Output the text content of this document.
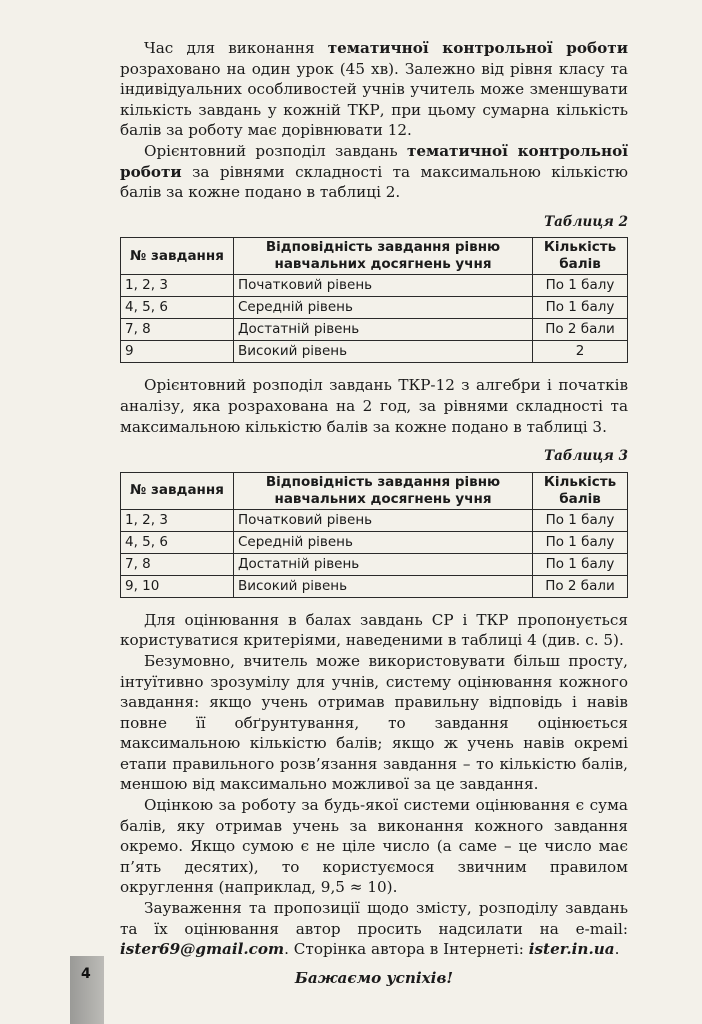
Час для виконання тематичної контрольної роботи розраховано на один урок (45 хв). Залежно від рівня класу та індивідуальних особливостей учнів учитель може зменшувати кількість завдань у кожній ТКР, при цьому сумарна кількість балів за роботу має дорівнювати 12.

Орієнтовний розподіл завдань тематичної контрольної роботи за рівнями складності та максимальною кількістю балів за кожне подано в таблиці 2.

Таблиця 2
№ завдання	Відповідність завдання рівню навчальних досягнень учня	Кількість балів
1, 2, 3	Початковий рівень	По 1 балу
4, 5, 6	Середній рівень	По 1 балу
7, 8	Достатній рівень	По 2 бали
9	Високий рівень	2

Орієнтовний розподіл завдань ТКР-12 з алгебри і початків аналізу, яка розрахована на 2 год, за рівнями складності та максимальною кількістю балів за кожне подано в таблиці 3.

Таблиця 3
№ завдання	Відповідність завдання рівню навчальних досягнень учня	Кількість балів
1, 2, 3	Початковий рівень	По 1 балу
4, 5, 6	Середній рівень	По 1 балу
7, 8	Достатній рівень	По 1 балу
9, 10	Високий рівень	По 2 бали

Для оцінювання в балах завдань СР і ТКР пропонується користуватися критеріями, наведеними в таблиці 4 (див. с. 5).

Безумовно, вчитель може використовувати більш просту, інтуїтивно зрозумілу для учнів, систему оцінювання кожного завдання: якщо учень отримав правильну відповідь і навів повне її обґрунтування, то завдання оцінюється максимальною кількістю балів; якщо ж учень навів окремі етапи правильного розв’язання завдання – то кількістю балів, меншою від максимально можливої за це завдання.

Оцінкою за роботу за будь-якої системи оцінювання є сума балів, яку отримав учень за виконання кожного завдання окремо. Якщо сумою є не ціле число (а саме – це число має п’ять десятих), то користуємося звичним правилом округлення (наприклад, 9,5 ≈ 10).

Зауваження та пропозиції щодо змісту, розподілу завдань та їх оцінювання автор просить надсилати на e-mail: ister69@gmail.com. Сторінка автора в Інтернеті: ister.in.ua.

Бажаємо успіхів!

4
